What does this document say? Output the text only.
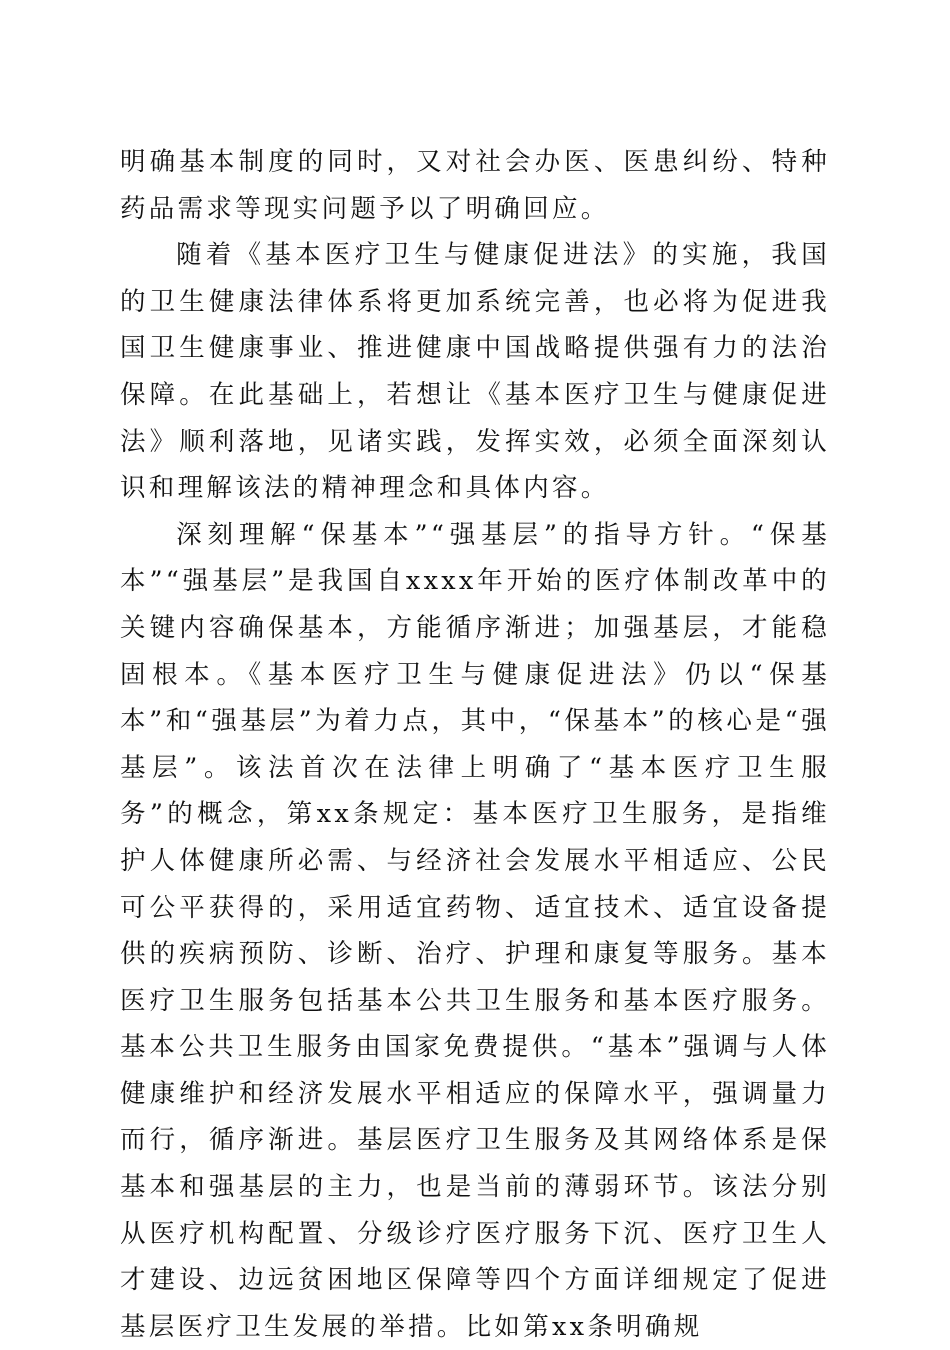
明确基本制度的同时，又对社会办医、医患纠纷、特种药品需求等现实问题予以了明确回应。

随着《基本医疗卫生与健康促进法》的实施，我国的卫生健康法律体系将更加系统完善，也必将为促进我国卫生健康事业、推进健康中国战略提供强有力的法治保障。在此基础上，若想让《基本医疗卫生与健康促进法》顺利落地，见诸实践，发挥实效，必须全面深刻认识和理解该法的精神理念和具体内容。

深刻理解“保基本”“强基层”的指导方针。“保基本”“强基层”是我国自xxxx年开始的医疗体制改革中的关键内容确保基本，方能循序渐进；加强基层，才能稳固根本。《基本医疗卫生与健康促进法》仍以“保基本”和“强基层”为着力点，其中，“保基本”的核心是“强基层”。该法首次在法律上明确了“基本医疗卫生服务”的概念，第xx条规定：基本医疗卫生服务，是指维护人体健康所必需、与经济社会发展水平相适应、公民可公平获得的，采用适宜药物、适宜技术、适宜设备提供的疾病预防、诊断、治疗、护理和康复等服务。基本医疗卫生服务包括基本公共卫生服务和基本医疗服务。基本公共卫生服务由国家免费提供。“基本”强调与人体健康维护和经济发展水平相适应的保障水平，强调量力而行，循序渐进。基层医疗卫生服务及其网络体系是保基本和强基层的主力，也是当前的薄弱环节。该法分别从医疗机构配置、分级诊疗医疗服务下沉、医疗卫生人才建设、边远贫困地区保障等四个方面详细规定了促进基层医疗卫生发展的举措。比如第xx条明确规
